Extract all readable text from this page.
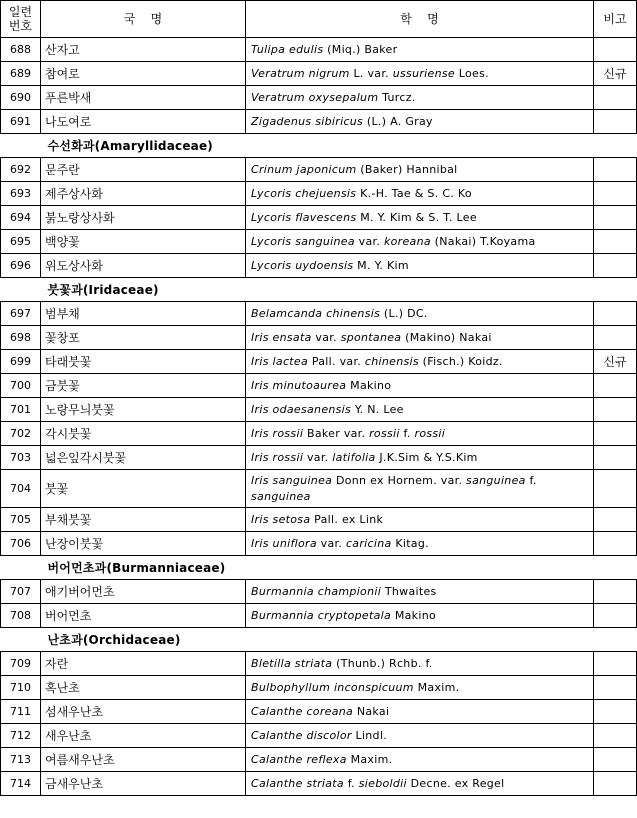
일련
번호	국    명	학    명	비고
688	산자고	Tulipa edulis (Miq.) Baker	
689	참여로	Veratrum nigrum L. var. ussuriense Loes.	신규
690	푸른박새	Veratrum oxysepalum Turcz.	
691	나도여로	Zigadenus sibiricus (L.) A. Gray	
수선화과(Amaryllidaceae)			
692	문주란	Crinum japonicum (Baker) Hannibal	
693	제주상사화	Lycoris chejuensis K.-H. Tae & S. C. Ko	
694	붉노랑상사화	Lycoris flavescens M. Y. Kim & S. T. Lee	
695	백양꽃	Lycoris sanguinea var. koreana (Nakai) T.Koyama	
696	위도상사화	Lycoris uydoensis M. Y. Kim	
붓꽃과(Iridaceae)			
697	범부채	Belamcanda chinensis (L.) DC.	
698	꽃창포	Iris ensata var. spontanea (Makino) Nakai	
699	타래붓꽃	Iris lactea Pall. var. chinensis (Fisch.) Koidz.	신규
700	금붓꽃	Iris minutoaurea Makino	
701	노랑무늬붓꽃	Iris odaesanensis Y. N. Lee	
702	각시붓꽃	Iris rossii Baker var. rossii f. rossii	
703	넓은잎각시붓꽃	Iris rossii var. latifolia J.K.Sim & Y.S.Kim	
704	붓꽃	Iris sanguinea Donn ex Hornem. var. sanguinea f. sanguinea	
705	부채붓꽃	Iris setosa Pall. ex Link	
706	난장이붓꽃	Iris uniflora var. caricina Kitag.	
버어먼초과(Burmanniaceae)			
707	애기버어먼초	Burmannia championii Thwaites	
708	버어먼초	Burmannia cryptopetala Makino	
난초과(Orchidaceae)			
709	자란	Bletilla striata (Thunb.) Rchb. f.	
710	혹난초	Bulbophyllum inconspicuum Maxim.	
711	섬새우난초	Calanthe coreana Nakai	
712	새우난초	Calanthe discolor Lindl.	
713	여름새우난초	Calanthe reflexa Maxim.	
714	금새우난초	Calanthe striata f. sieboldii Decne. ex Regel	
